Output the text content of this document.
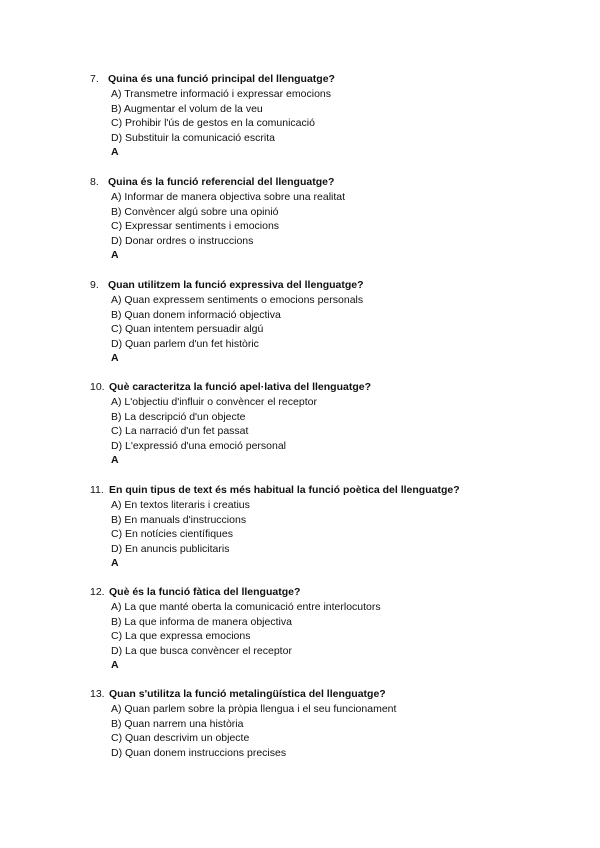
7. Quina és una funció principal del llenguatge?
A) Transmetre informació i expressar emocions
B) Augmentar el volum de la veu
C) Prohibir l'ús de gestos en la comunicació
D) Substituir la comunicació escrita
A
8. Quina és la funció referencial del llenguatge?
A) Informar de manera objectiva sobre una realitat
B) Convèncer algú sobre una opinió
C) Expressar sentiments i emocions
D) Donar ordres o instruccions
A
9. Quan utilitzem la funció expressiva del llenguatge?
A) Quan expressem sentiments o emocions personals
B) Quan donem informació objectiva
C) Quan intentem persuadir algú
D) Quan parlem d'un fet històric
A
10. Què caracteritza la funció apel·lativa del llenguatge?
A) L'objectiu d'influir o convèncer el receptor
B) La descripció d'un objecte
C) La narració d'un fet passat
D) L'expressió d'una emoció personal
A
11. En quin tipus de text és més habitual la funció poètica del llenguatge?
A) En textos literaris i creatius
B) En manuals d'instruccions
C) En notícies científiques
D) En anuncis publicitaris
A
12. Què és la funció fàtica del llenguatge?
A) La que manté oberta la comunicació entre interlocutors
B) La que informa de manera objectiva
C) La que expressa emocions
D) La que busca convèncer el receptor
A
13. Quan s'utilitza la funció metalingüística del llenguatge?
A) Quan parlem sobre la pròpia llengua i el seu funcionament
B) Quan narrem una història
C) Quan descrivim un objecte
D) Quan donem instruccions precises
